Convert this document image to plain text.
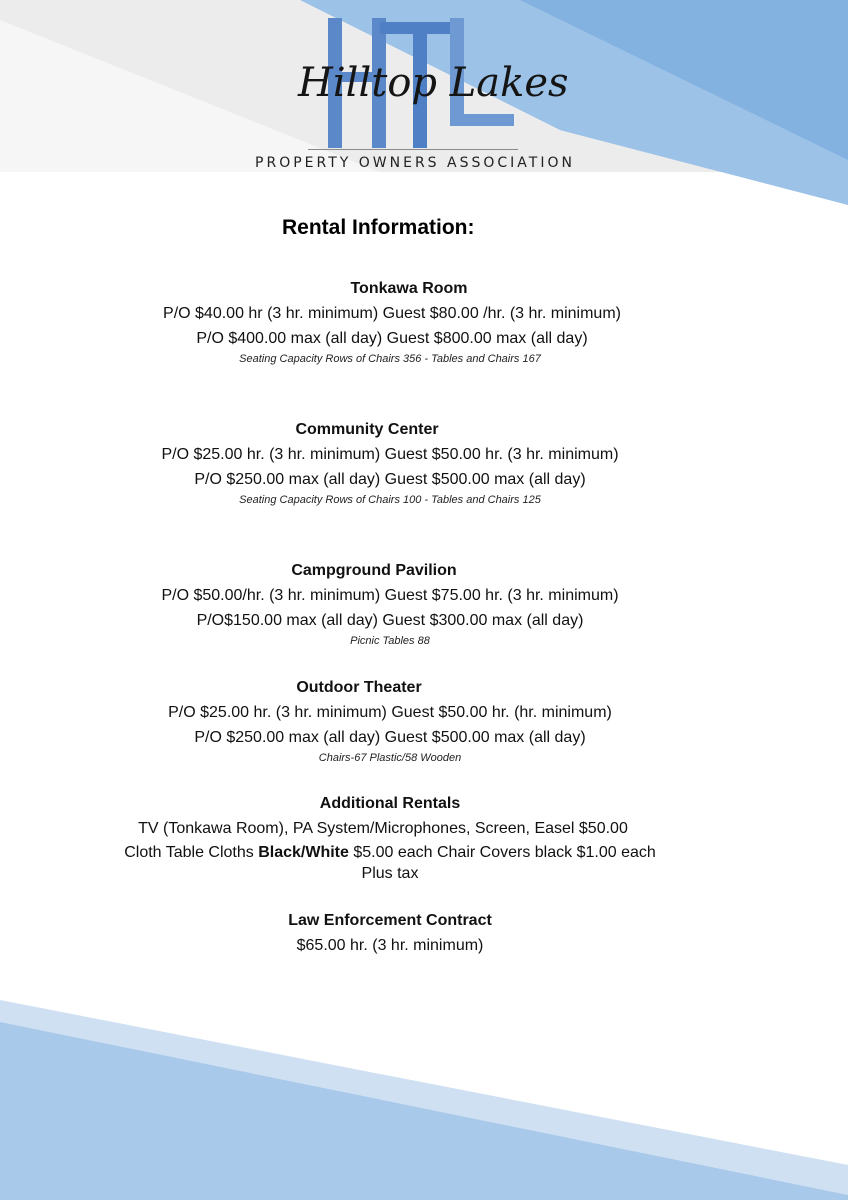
Hilltop Lakes
PROPERTY OWNERS ASSOCIATION
Rental Information:
Tonkawa Room
P/O $40.00 hr (3 hr. minimum) Guest $80.00 /hr. (3 hr. minimum)
P/O $400.00 max (all day) Guest $800.00 max (all day)
Seating Capacity Rows of Chairs 356 - Tables and Chairs 167
Community Center
P/O $25.00 hr. (3 hr. minimum) Guest $50.00 hr. (3 hr. minimum)
P/O $250.00 max (all day) Guest $500.00 max (all day)
Seating Capacity Rows of Chairs 100 - Tables and Chairs 125
Campground Pavilion
P/O $50.00/hr. (3 hr. minimum) Guest $75.00 hr. (3 hr. minimum)
P/O$150.00 max (all day) Guest $300.00 max (all day)
Picnic Tables 88
Outdoor Theater
P/O $25.00 hr. (3 hr. minimum) Guest $50.00 hr. (hr. minimum)
P/O $250.00 max (all day) Guest $500.00 max (all day)
Chairs-67 Plastic/58 Wooden
Additional Rentals
TV (Tonkawa Room), PA System/Microphones, Screen, Easel $50.00
Cloth Table Cloths Black/White $5.00 each Chair Covers black $1.00 each
Plus tax
Law Enforcement Contract
$65.00 hr. (3 hr. minimum)
